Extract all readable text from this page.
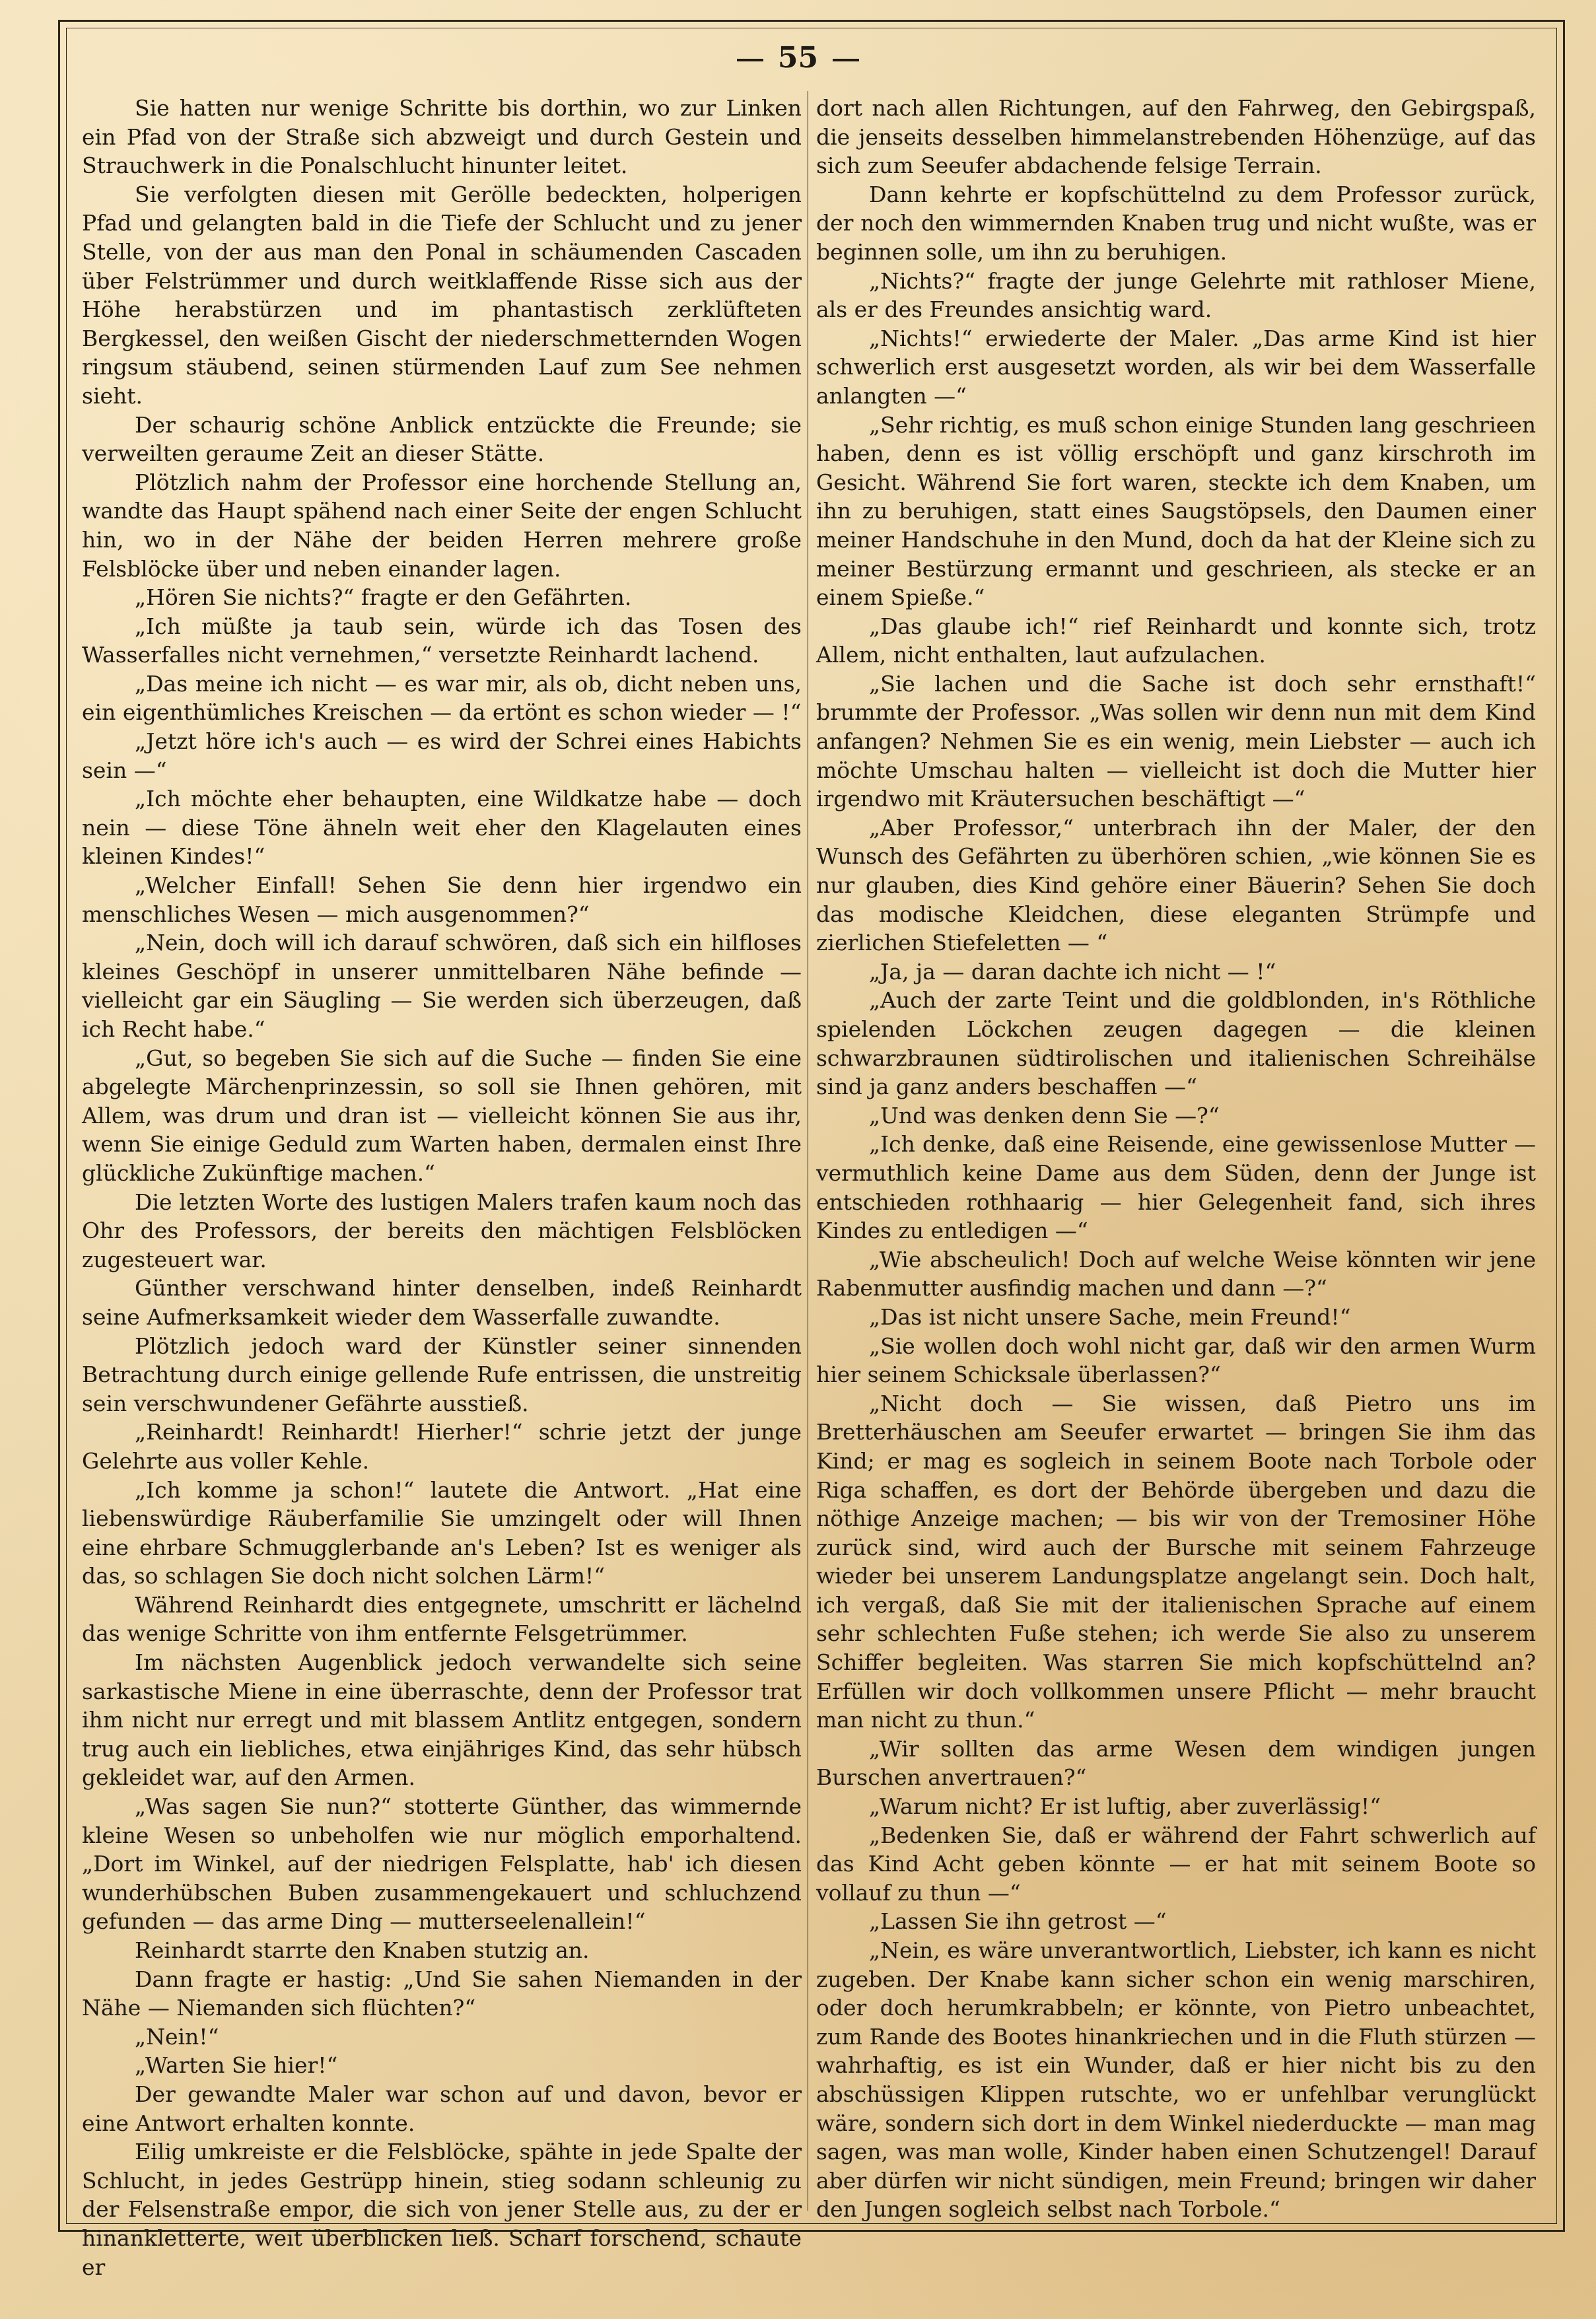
55

Sie hatten nur wenige Schritte bis dorthin, wo zur Linken ein Pfad von der Straße sich abzweigt und durch Gestein und Strauchwerk in die Ponalschlucht hinunter leitet.

Sie verfolgten diesen mit Gerölle bedeckten, holperigen Pfad und gelangten bald in die Tiefe der Schlucht und zu jener Stelle, von der aus man den Ponal in schäumenden Cascaden über Felstrümmer und durch weitklaffende Risse sich aus der Höhe herabstürzen und im phantastisch zerklüfteten Bergkessel, den weißen Gischt der niederschmetternden Wogen ringsum stäubend, seinen stürmenden Lauf zum See nehmen sieht.

Der schaurig schöne Anblick entzückte die Freunde; sie verweilten geraume Zeit an dieser Stätte.

Plötzlich nahm der Professor eine horchende Stellung an, wandte das Haupt spähend nach einer Seite der engen Schlucht hin, wo in der Nähe der beiden Herren mehrere große Felsblöcke über und neben einander lagen.

„Hören Sie nichts?“ fragte er den Gefährten.

„Ich müßte ja taub sein, würde ich das Tosen des Wasserfalles nicht vernehmen,“ versetzte Reinhardt lachend.

„Das meine ich nicht — es war mir, als ob, dicht neben uns, ein eigenthümliches Kreischen — da ertönt es schon wieder — !“

„Jetzt höre ich's auch — es wird der Schrei eines Habichts sein —“

„Ich möchte eher behaupten, eine Wildkatze habe — doch nein — diese Töne ähneln weit eher den Klagelauten eines kleinen Kindes!“

„Welcher Einfall! Sehen Sie denn hier irgendwo ein menschliches Wesen — mich ausgenommen?“

„Nein, doch will ich darauf schwören, daß sich ein hilfloses kleines Geschöpf in unserer unmittelbaren Nähe befinde — vielleicht gar ein Säugling — Sie werden sich überzeugen, daß ich Recht habe.“

„Gut, so begeben Sie sich auf die Suche — finden Sie eine abgelegte Märchenprinzessin, so soll sie Ihnen gehören, mit Allem, was drum und dran ist — vielleicht können Sie aus ihr, wenn Sie einige Geduld zum Warten haben, dermalen einst Ihre glückliche Zukünftige machen.“

Die letzten Worte des lustigen Malers trafen kaum noch das Ohr des Professors, der bereits den mächtigen Felsblöcken zugesteuert war.

Günther verschwand hinter denselben, indeß Reinhardt seine Aufmerksamkeit wieder dem Wasserfalle zuwandte.

Plötzlich jedoch ward der Künstler seiner sinnenden Betrachtung durch einige gellende Rufe entrissen, die unstreitig sein verschwundener Gefährte ausstieß.

„Reinhardt! Reinhardt! Hierher!“ schrie jetzt der junge Gelehrte aus voller Kehle.

„Ich komme ja schon!“ lautete die Antwort. „Hat eine liebenswürdige Räuberfamilie Sie umzingelt oder will Ihnen eine ehrbare Schmugglerbande an's Leben? Ist es weniger als das, so schlagen Sie doch nicht solchen Lärm!“

Während Reinhardt dies entgegnete, umschritt er lächelnd das wenige Schritte von ihm entfernte Felsgetrümmer.

Im nächsten Augenblick jedoch verwandelte sich seine sarkastische Miene in eine überraschte, denn der Professor trat ihm nicht nur erregt und mit blassem Antlitz entgegen, sondern trug auch ein liebliches, etwa einjähriges Kind, das sehr hübsch gekleidet war, auf den Armen.

„Was sagen Sie nun?“ stotterte Günther, das wimmernde kleine Wesen so unbeholfen wie nur möglich emporhaltend. „Dort im Winkel, auf der niedrigen Felsplatte, hab' ich diesen wunderhübschen Buben zusammengekauert und schluchzend gefunden — das arme Ding — mutterseelenallein!“

Reinhardt starrte den Knaben stutzig an.

Dann fragte er hastig: „Und Sie sahen Niemanden in der Nähe — Niemanden sich flüchten?“

„Nein!“

„Warten Sie hier!“

Der gewandte Maler war schon auf und davon, bevor er eine Antwort erhalten konnte.

Eilig umkreiste er die Felsblöcke, spähte in jede Spalte der Schlucht, in jedes Gestrüpp hinein, stieg sodann schleunig zu der Felsenstraße empor, die sich von jener Stelle aus, zu der er hinankletterte, weit überblicken ließ. Scharf forschend, schaute er

dort nach allen Richtungen, auf den Fahrweg, den Gebirgspaß, die jenseits desselben himmelanstrebenden Höhenzüge, auf das sich zum Seeufer abdachende felsige Terrain.

Dann kehrte er kopfschüttelnd zu dem Professor zurück, der noch den wimmernden Knaben trug und nicht wußte, was er beginnen solle, um ihn zu beruhigen.

„Nichts?“ fragte der junge Gelehrte mit rathloser Miene, als er des Freundes ansichtig ward.

„Nichts!“ erwiederte der Maler. „Das arme Kind ist hier schwerlich erst ausgesetzt worden, als wir bei dem Wasserfalle anlangten —“

„Sehr richtig, es muß schon einige Stunden lang geschrieen haben, denn es ist völlig erschöpft und ganz kirschroth im Gesicht. Während Sie fort waren, steckte ich dem Knaben, um ihn zu beruhigen, statt eines Saugstöpsels, den Daumen einer meiner Handschuhe in den Mund, doch da hat der Kleine sich zu meiner Bestürzung ermannt und geschrieen, als stecke er an einem Spieße.“

„Das glaube ich!“ rief Reinhardt und konnte sich, trotz Allem, nicht enthalten, laut aufzulachen.

„Sie lachen und die Sache ist doch sehr ernsthaft!“ brummte der Professor. „Was sollen wir denn nun mit dem Kind anfangen? Nehmen Sie es ein wenig, mein Liebster — auch ich möchte Umschau halten — vielleicht ist doch die Mutter hier irgendwo mit Kräutersuchen beschäftigt —“

„Aber Professor,“ unterbrach ihn der Maler, der den Wunsch des Gefährten zu überhören schien, „wie können Sie es nur glauben, dies Kind gehöre einer Bäuerin? Sehen Sie doch das modische Kleidchen, diese eleganten Strümpfe und zierlichen Stiefeletten — “

„Ja, ja — daran dachte ich nicht — !“

„Auch der zarte Teint und die goldblonden, in's Röthliche spielenden Löckchen zeugen dagegen — die kleinen schwarzbraunen südtirolischen und italienischen Schreihälse sind ja ganz anders beschaffen —“

„Und was denken denn Sie —?“

„Ich denke, daß eine Reisende, eine gewissenlose Mutter — vermuthlich keine Dame aus dem Süden, denn der Junge ist entschieden rothhaarig — hier Gelegenheit fand, sich ihres Kindes zu entledigen —“

„Wie abscheulich! Doch auf welche Weise könnten wir jene Rabenmutter ausfindig machen und dann —?“

„Das ist nicht unsere Sache, mein Freund!“

„Sie wollen doch wohl nicht gar, daß wir den armen Wurm hier seinem Schicksale überlassen?“

„Nicht doch — Sie wissen, daß Pietro uns im Bretterhäuschen am Seeufer erwartet — bringen Sie ihm das Kind; er mag es sogleich in seinem Boote nach Torbole oder Riga schaffen, es dort der Behörde übergeben und dazu die nöthige Anzeige machen; — bis wir von der Tremosiner Höhe zurück sind, wird auch der Bursche mit seinem Fahrzeuge wieder bei unserem Landungsplatze angelangt sein. Doch halt, ich vergaß, daß Sie mit der italienischen Sprache auf einem sehr schlechten Fuße stehen; ich werde Sie also zu unserem Schiffer begleiten. Was starren Sie mich kopfschüttelnd an? Erfüllen wir doch vollkommen unsere Pflicht — mehr braucht man nicht zu thun.“

„Wir sollten das arme Wesen dem windigen jungen Burschen anvertrauen?“

„Warum nicht? Er ist luftig, aber zuverlässig!“

„Bedenken Sie, daß er während der Fahrt schwerlich auf das Kind Acht geben könnte — er hat mit seinem Boote so vollauf zu thun —“

„Lassen Sie ihn getrost —“

„Nein, es wäre unverantwortlich, Liebster, ich kann es nicht zugeben. Der Knabe kann sicher schon ein wenig marschiren, oder doch herumkrabbeln; er könnte, von Pietro unbeachtet, zum Rande des Bootes hinankriechen und in die Fluth stürzen — wahrhaftig, es ist ein Wunder, daß er hier nicht bis zu den abschüssigen Klippen rutschte, wo er unfehlbar verunglückt wäre, sondern sich dort in dem Winkel niederduckte — man mag sagen, was man wolle, Kinder haben einen Schutzengel! Darauf aber dürfen wir nicht sündigen, mein Freund; bringen wir daher den Jungen sogleich selbst nach Torbole.“
